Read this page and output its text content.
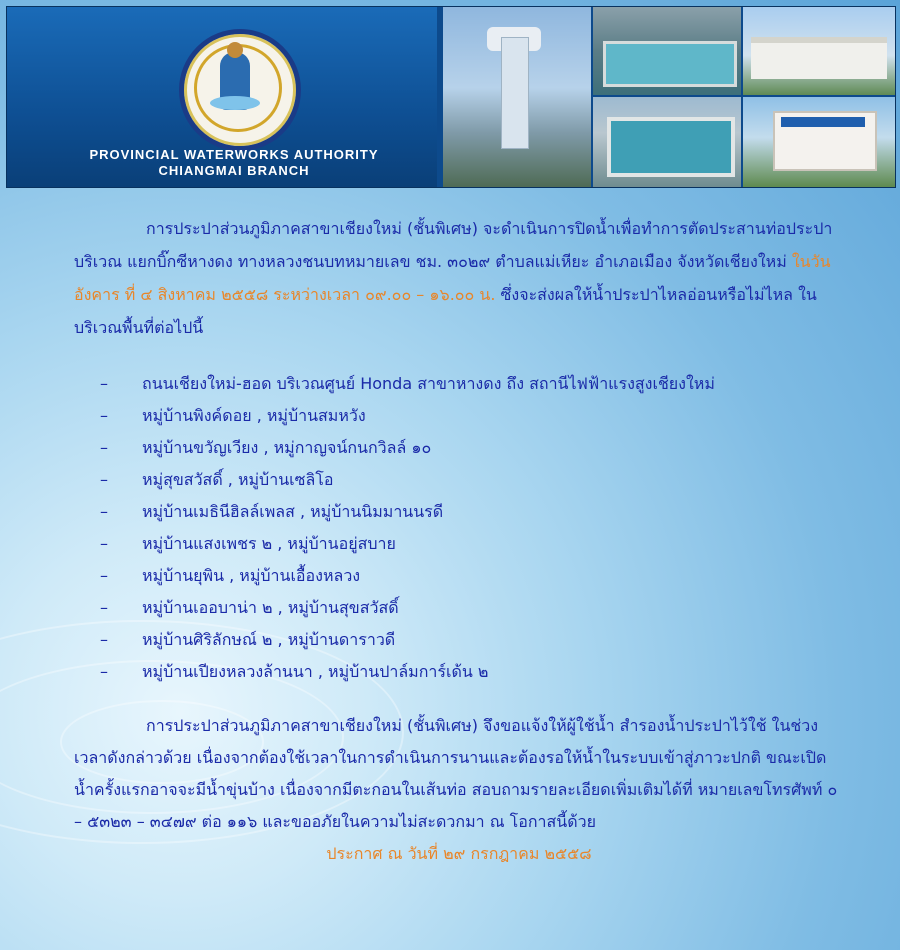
PROVINCIAL WATERWORKS AUTHORITY
CHIANGMAI BRANCH

การประปาส่วนภูมิภาคสาขาเชียงใหม่ (ชั้นพิเศษ) จะดำเนินการปิดน้ำเพื่อทำการตัดประสานท่อประปา บริเวณ แยกบิ๊กซีหางดง ทางหลวงชนบทหมายเลข ชม. ๓๐๒๙ ตำบลแม่เหียะ อำเภอเมือง จังหวัดเชียงใหม่ ในวันอังคาร ที่ ๔ สิงหาคม ๒๕๕๘ ระหว่างเวลา ๐๙.๐๐ – ๑๖.๐๐ น. ซึ่งจะส่งผลให้น้ำประปาไหลอ่อนหรือไม่ไหล ในบริเวณพื้นที่ต่อไปนี้

– ถนนเชียงใหม่-ฮอด บริเวณศูนย์ Honda สาขาหางดง ถึง สถานีไฟฟ้าแรงสูงเชียงใหม่
– หมู่บ้านพิงค์ดอย , หมู่บ้านสมหวัง
– หมู่บ้านขวัญเวียง , หมู่กาญจน์กนกวิลล์ ๑๐
– หมู่สุขสวัสดิ์ , หมู่บ้านเซลิโอ
– หมู่บ้านเมธินีฮิลล์เพลส , หมู่บ้านนิมมานนรดี
– หมู่บ้านแสงเพชร ๒ , หมู่บ้านอยู่สบาย
– หมู่บ้านยุพิน , หมู่บ้านเอื้องหลวง
– หมู่บ้านเออบาน่า ๒ , หมู่บ้านสุขสวัสดิ์
– หมู่บ้านศิริลักษณ์ ๒ , หมู่บ้านดาราวดี
– หมู่บ้านเปียงหลวงล้านนา , หมู่บ้านปาล์มการ์เด้น ๒

การประปาส่วนภูมิภาคสาขาเชียงใหม่ (ชั้นพิเศษ) จึงขอแจ้งให้ผู้ใช้น้ำ สำรองน้ำประปาไว้ใช้ ในช่วงเวลาดังกล่าวด้วย เนื่องจากต้องใช้เวลาในการดำเนินการนานและต้องรอให้น้ำในระบบเข้าสู่ภาวะปกติ ขณะเปิดน้ำครั้งแรกอาจจะมีน้ำขุ่นบ้าง เนื่องจากมีตะกอนในเส้นท่อ สอบถามรายละเอียดเพิ่มเติมได้ที่ หมายเลขโทรศัพท์ ๐ – ๕๓๒๓ – ๓๔๗๙ ต่อ ๑๑๖ และขออภัยในความไม่สะดวกมา ณ โอกาสนี้ด้วย

ประกาศ ณ วันที่ ๒๙ กรกฎาคม ๒๕๕๘
